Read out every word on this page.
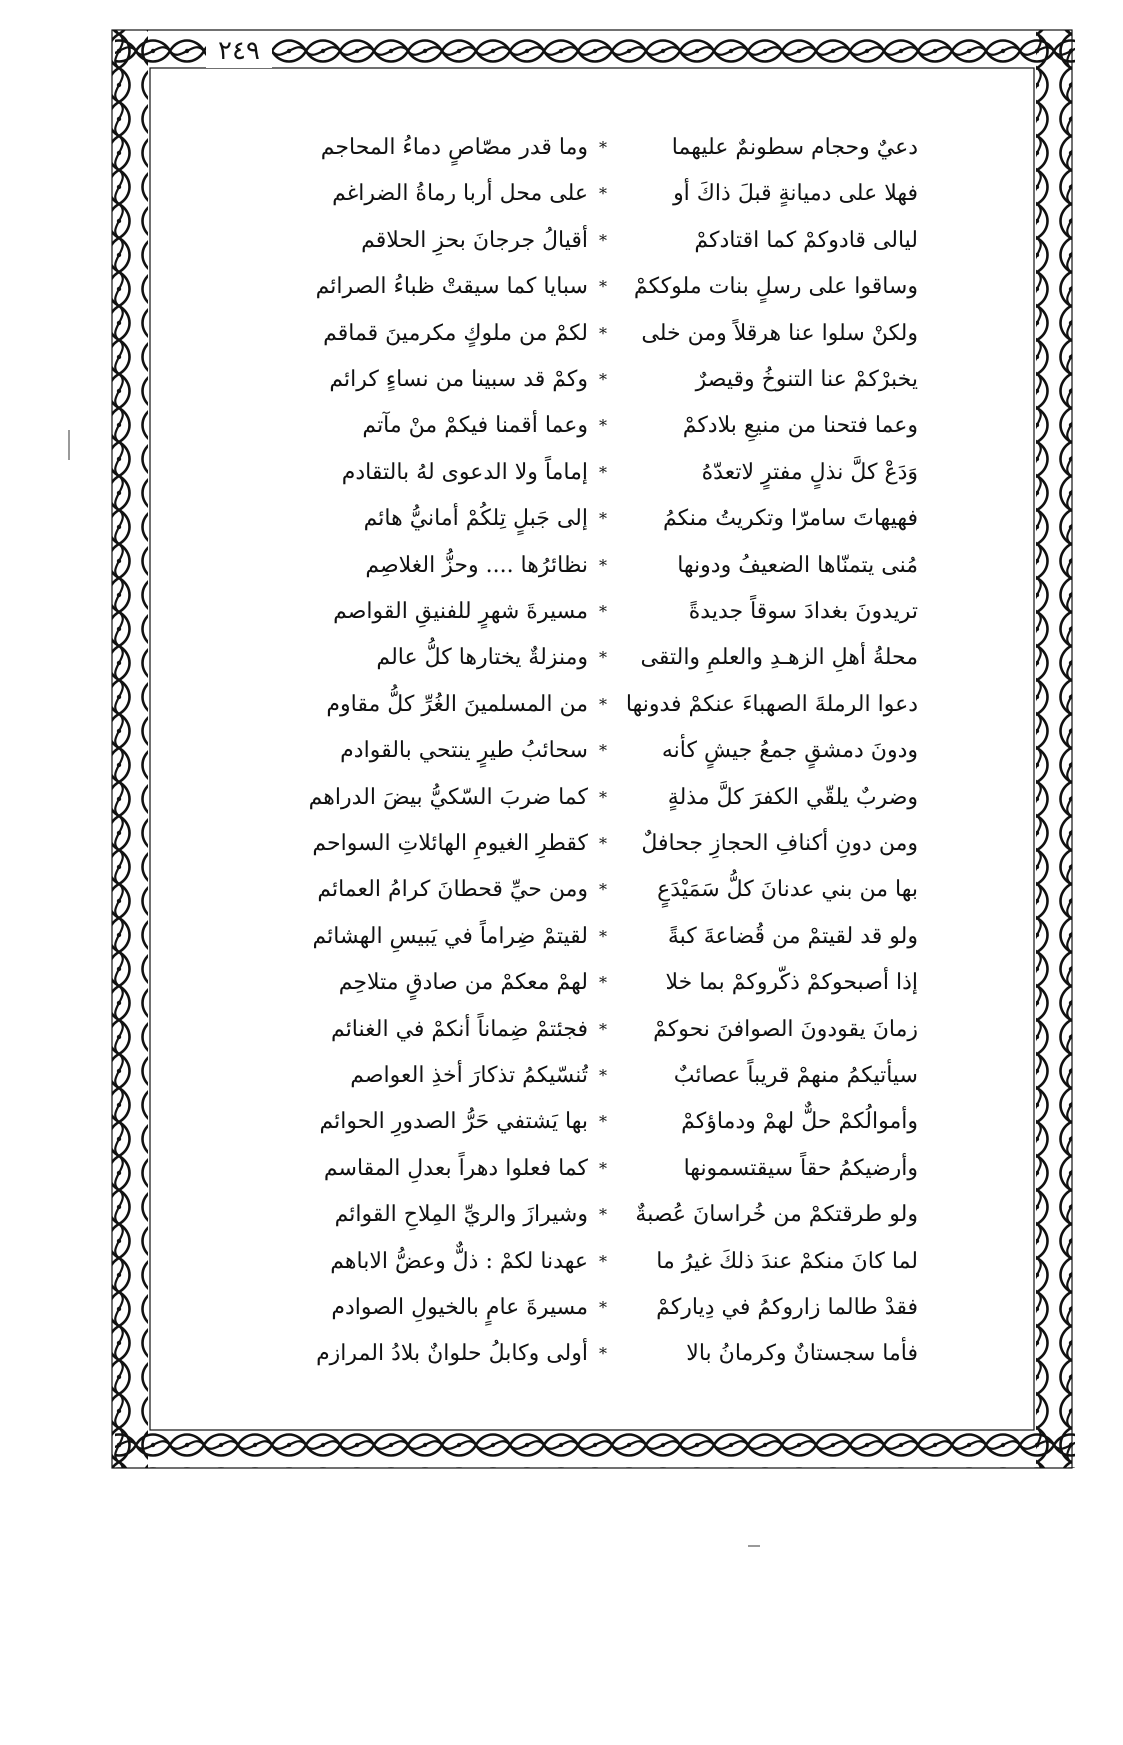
٢٤٩
دعيٌ وحجام سطونمٌ عليهما
*
وما قدر مصّاصٍ دماءُ المحاجم
فهلا على دميانةٍ قبلَ ذاكَ أو
*
على محل أربا رماةُ الضراغم
ليالى قادوكمْ كما اقتادكمْ
*
أقيالُ جرجانَ بحزِ الحلاقم
وساقوا على رسلٍ بنات ملوككمْ
*
سبايا كما سيقتْ ظباءُ الصرائم
ولكنْ سلوا عنا هرقلاً ومن خلى
*
لكمْ من ملوكٍ مكرمينَ قماقم
يخبرْكمْ عنا التنوخُ وقيصرٌ
*
وكمْ قد سبينا من نساءٍ كرائم
وعما فتحنا من منيعِ بلادكمْ
*
وعما أقمنا فيكمْ منْ مآتم
وَدَعْ كلَّ نذلٍ مفترٍ لاتعدّهُ
*
إماماً ولا الدعوى لهُ بالتقادم
فهيهاتَ سامرّا وتكريتُ منكمُ
*
إلى جَبلٍ تِلكُمْ أمانيُّ هائم
مُنى يتمنّاها الضعيفُ ودونها
*
نظائرُها .... وحزُّ الغلاصِم
تريدونَ بغدادَ سوقاً جديدةً
*
مسيرةَ شهرٍ للفنيقِ القواصم
محلةُ أهلِ الزهـدِ والعلمِ والتقى
*
ومنزلةٌ يختارها كلُّ عالم
دعوا الرملةَ الصهباءَ عنكمْ فدونها
*
من المسلمينَ الغُرِّ كلُّ مقاوم
ودونَ دمشقٍ جمعُ جيشٍ كأنه
*
سحائبُ طيرٍ ينتحي بالقوادم
وضربٌ يلقّي الكفرَ كلَّ مذلةٍ
*
كما ضربَ السّكيُّ بيضَ الدراهم
ومن دونِ أكنافِ الحجازِ جحافلٌ
*
كقطرِ الغيومِ الهائلاتِ السواحم
بها من بني عدنانَ كلُّ سَمَيْدَعٍ
*
ومن حيِّ قحطانَ كرامُ العمائم
ولو قد لقيتمْ من قُضاعةَ كبةً
*
لقيتمْ ضِراماً في يَبيسِ الهشائم
إذا أصبحوكمْ ذكّروكمْ بما خلا
*
لهمْ معكمْ من صادقٍ متلاحِم
زمانَ يقودونَ الصوافنَ نحوكمْ
*
فجئتمْ ضِماناً أنكمْ في الغنائم
سيأتيكمُ منهمْ قريباً عصائبٌ
*
تُنسّيكمُ تذكارَ أخذِ العواصم
وأموالُكمْ حلٌّ لهمْ ودماؤكمْ
*
بها يَشتفي حَرُّ الصدورِ الحوائم
وأرضيكمُ حقاً سيقتسمونها
*
كما فعلوا دهراً بعدلِ المقاسم
ولو طرقتكمْ من خُراسانَ عُصبةٌ
*
وشيرازَ والريِّ المِلاحِ القوائم
لما كانَ منكمْ عندَ ذلكَ غيرُ ما
*
عهدنا لكمْ : ذلٌّ وعضُّ الاباهم
فقدْ طالما زاروكمُ في دِياركمْ
*
مسيرةَ عامٍ بالخيولِ الصوادم
فأما سجستانٌ وكرمانُ بالا
*
أولى وكابلُ حلوانٌ بلادُ المرازم
